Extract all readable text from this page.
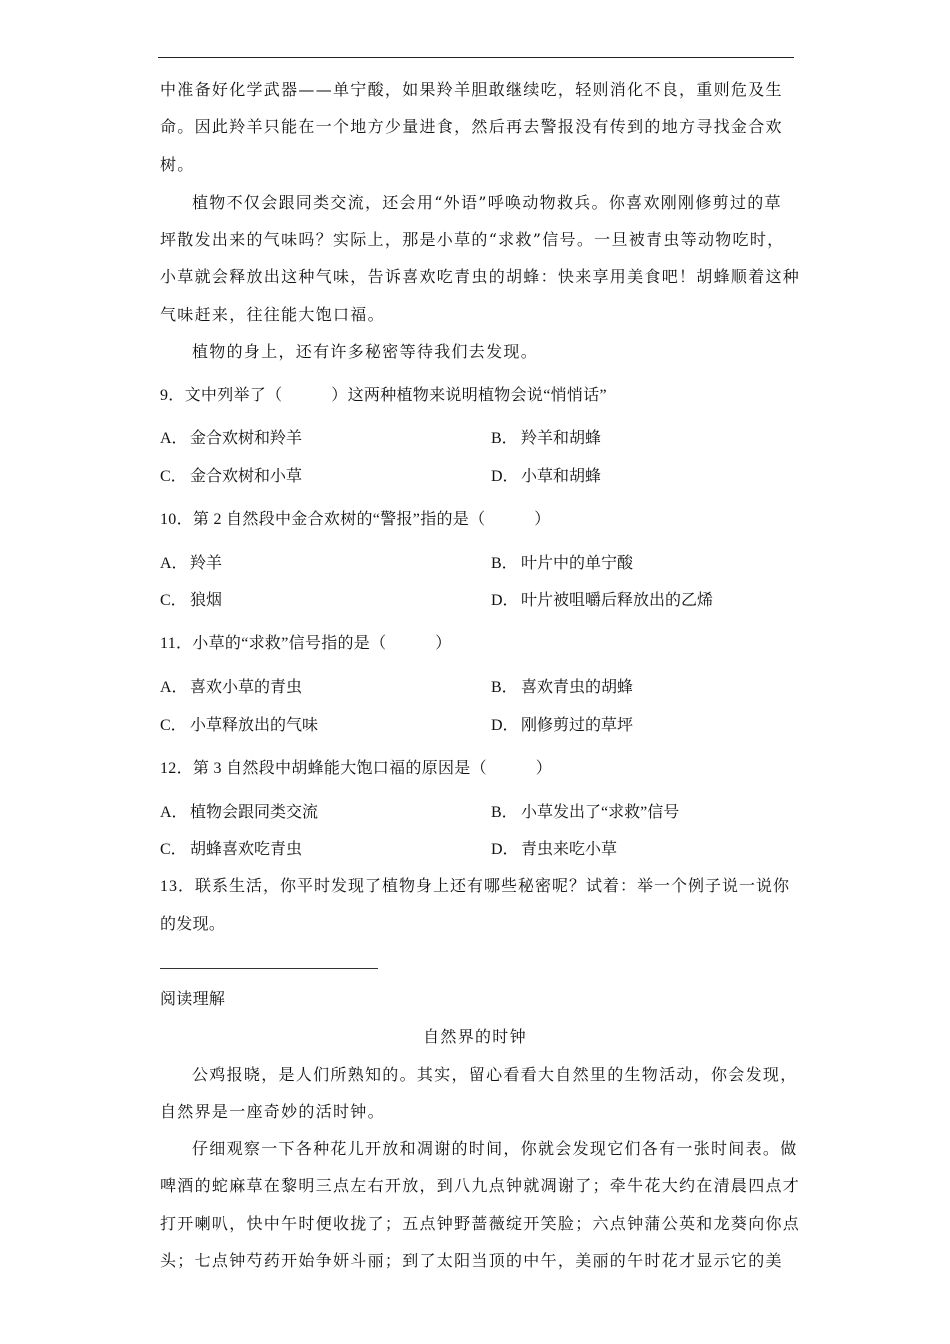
中准备好化学武器——单宁酸，如果羚羊胆敢继续吃，轻则消化不良，重则危及生
命。因此羚羊只能在一个地方少量进食，然后再去警报没有传到的地方寻找金合欢
树。
植物不仅会跟同类交流，还会用“外语”呼唤动物救兵。你喜欢刚刚修剪过的草
坪散发出来的气味吗？实际上，那是小草的“求救”信号。一旦被青虫等动物吃时，
小草就会释放出这种气味，告诉喜欢吃青虫的胡蜂：快来享用美食吧！胡蜂顺着这种
气味赶来，往往能大饱口福。
植物的身上，还有许多秘密等待我们去发现。
9．文中列举了（　　　）这两种植物来说明植物会说“悄悄话”
A． 金合欢树和羚羊	B． 羚羊和胡蜂
C． 金合欢树和小草	D． 小草和胡蜂
10．第 2 自然段中金合欢树的“警报”指的是（　　　）
A． 羚羊	B． 叶片中的单宁酸
C． 狼烟	D． 叶片被咀嚼后释放出的乙烯
11．小草的“求救”信号指的是（　　　）
A． 喜欢小草的青虫	B． 喜欢青虫的胡蜂
C． 小草释放出的气味	D． 刚修剪过的草坪
12．第 3 自然段中胡蜂能大饱口福的原因是（　　　）
A． 植物会跟同类交流	B． 小草发出了“求救”信号
C． 胡蜂喜欢吃青虫	D． 青虫来吃小草
13．联系生活，你平时发现了植物身上还有哪些秘密呢？试着：举一个例子说一说你
的发现。
阅读理解
自然界的时钟
公鸡报晓，是人们所熟知的。其实，留心看看大自然里的生物活动，你会发现，
自然界是一座奇妙的活时钟。
仔细观察一下各种花儿开放和凋谢的时间，你就会发现它们各有一张时间表。做
啤酒的蛇麻草在黎明三点左右开放，到八九点钟就凋谢了；牵牛花大约在清晨四点才
打开喇叭，快中午时便收拢了；五点钟野蔷薇绽开笑脸；六点钟蒲公英和龙葵向你点
头；七点钟芍药开始争妍斗丽；到了太阳当顶的中午，美丽的午时花才显示它的美
